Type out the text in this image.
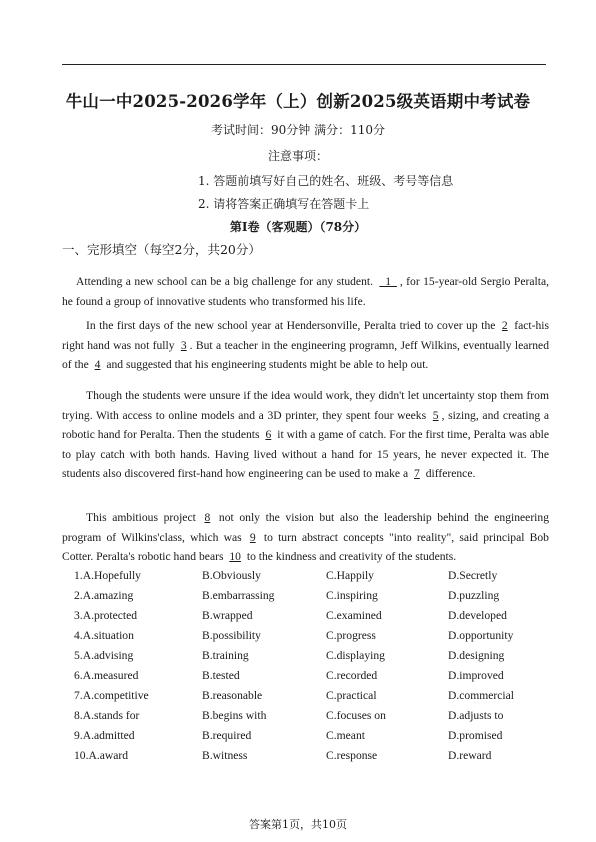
牛山一中2025-2026学年（上）创新2025级英语期中考试卷
考试时间：90分钟 满分：110分
注意事项：
1. 答题前填写好自己的姓名、班级、考号等信息
2. 请将答案正确填写在答题卡上
第Ⅰ卷（客观题）（78分）
一、完形填空（每空2分，共20分）
Attending a new school can be a big challenge for any student. _1_ , for 15-year-old Sergio Peralta, he found a group of innovative students who transformed his life.
In the first days of the new school year at Hendersonville, Peralta tried to cover up the 2 fact-his right hand was not fully 3 . But a teacher in the engineering programn, Jeff Wilkins, eventually learned of the 4 and suggested that his engineering students might be able to help out.
Though the students were unsure if the idea would work, they didn't let uncertainty stop them from trying. With access to online models and a 3D printer, they spent four weeks 5 , sizing, and creating a robotic hand for Peralta. Then the students 6 it with a game of catch. For the first time, Peralta was able to play catch with both hands. Having lived without a hand for 15 years, he never expected it. The students also discovered first-hand how engineering can be used to make a 7 difference.
This ambitious project 8 not only the vision but also the leadership behind the engineering program of Wilkins'class, which was 9 to turn abstract concepts "into reality", said principal Bob Cotter. Peralta's robotic hand bears 10 to the kindness and creativity of the students.
1.A.Hopefully	B.Obviously	C.Happily	D.Secretly
2.A.amazing	B.embarrassing	C.inspiring	D.puzzling
3.A.protected	B.wrapped	C.examined	D.developed
4.A.situation	B.possibility	C.progress	D.opportunity
5.A.advising	B.training	C.displaying	D.designing
6.A.measured	B.tested	C.recorded	D.improved
7.A.competitive	B.reasonable	C.practical	D.commercial
8.A.stands for	B.begins with	C.focuses on	D.adjusts to
9.A.admitted	B.required	C.meant	D.promised
10.A.award	B.witness	C.response	D.reward
答案第1页，共10页
